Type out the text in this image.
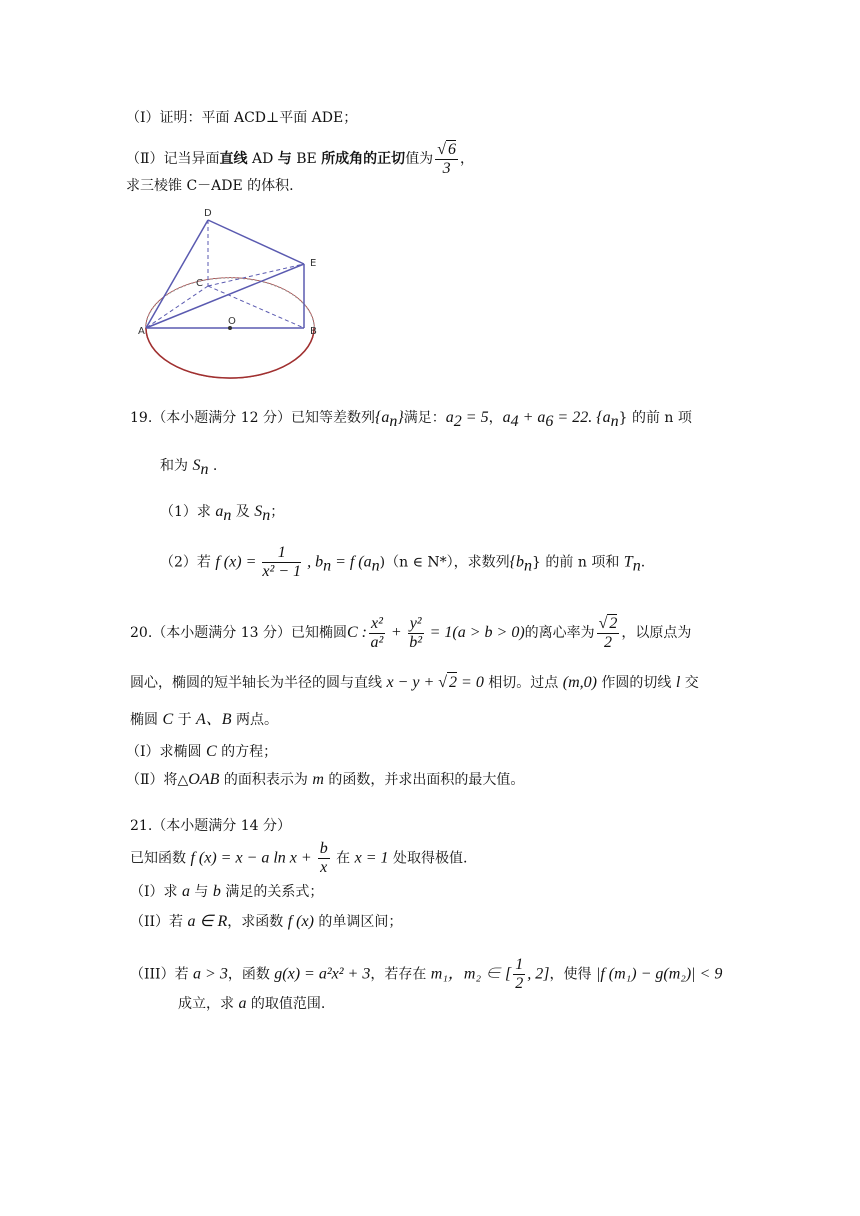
（Ⅰ）证明：平面 ACD⊥平面 ADE；
（Ⅱ）记当异面直线 AD 与 BE 所成角的正切值为 $\frac{√ 6}{3}$ ，
求三棱锥 C－ADE 的体积.
D
E
C
A
O
B
19.（本小题满分 12 分）已知等差数列$\{a_n\}$满足：$a_2 = 5$，$a_4 + a_6 = 22$. $\{a_n\}$ 的前 n 项
和为 $S_n$ .
（1）求 $a_n$ 及 $S_n$；
（2）若 f $(x) = \frac{1}{\text{x² − 1}}$ , $b_n = f$ $(a_n)(n$ ∈ N*），求数列$\{b_n\}$ 的前 n 项和 $T_n$.
20.（本小题满分 13 分）已知椭圆C : $\frac{\text{x²}}{\text{a²}} + \frac{\text{y²}}{\text{b²}} = 1(a > b > 0)$的离心率为 $\frac{√ 2}{2}$ ，以原点为
圆心，椭圆的短半轴长为半径的圆与直线 x − y + √ 2 = 0 相切。过点 (m,0) 作圆的切线 l 交
椭圆 C 于 A、B 两点。
（Ⅰ）求椭圆 C 的方程；
（Ⅱ）将△OAB 的面积表示为 m 的函数，并求出面积的最大值。
21.（本小题满分 14 分）
已知函数 f (x) = x − a $\ln x + \frac{b}{x}$ 在 x = 1 处取得极值.
（I）求 a 与 b 满足的关系式；
（II）若 a ∈ R，求函数 f (x) 的单调区间；
（III）若 a > 3，函数 g(x) = a²x² + 3，若存在 m₁，m₂ ∈ [ $\frac{1}{2}$ , 2]，使得 |f (m₁) − g(m₂)| < 9
成立，求 a 的取值范围.
